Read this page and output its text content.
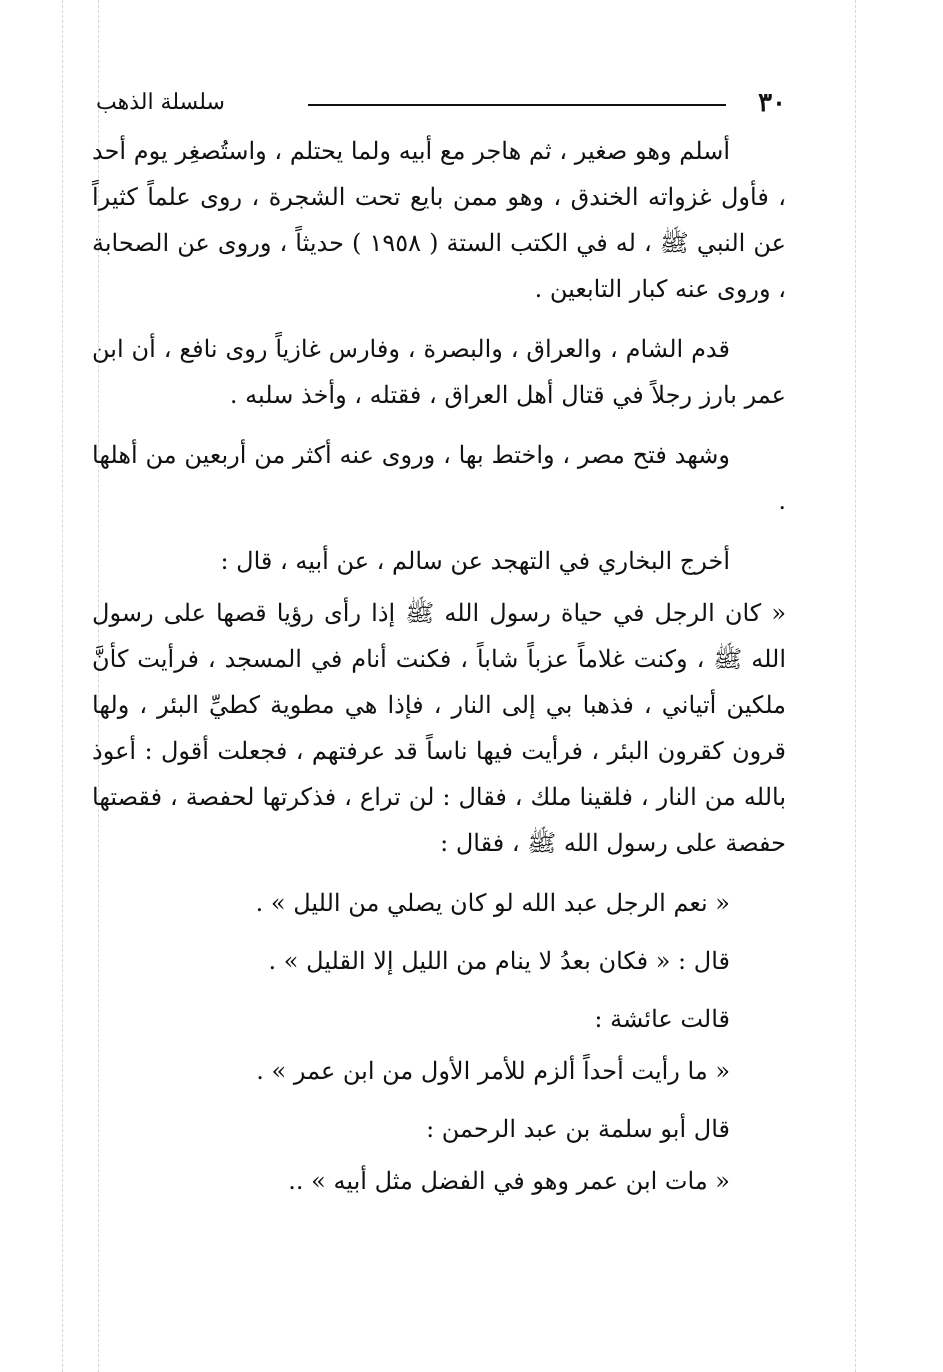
٣٠
سلسلة الذهب

أسلم وهو صغير ، ثم هاجر مع أبيه ولما يحتلم ، واستُصغِر يوم أحد ، فأول غزواته الخندق ، وهو ممن بايع تحت الشجرة ، روى علماً كثيراً عن النبي ﷺ ، له في الكتب الستة ( ١٩٥٨ ) حديثاً ، وروى عن الصحابة ، وروى عنه كبار التابعين .

قدم الشام ، والعراق ، والبصرة ، وفارس غازياً روى نافع ، أن ابن عمر بارز رجلاً في قتال أهل العراق ، فقتله ، وأخذ سلبه .

وشهد فتح مصر ، واختط بها ، وروى عنه أكثر من أربعين من أهلها .

أخرج البخاري في التهجد عن سالم ، عن أبيه ، قال :

« كان الرجل في حياة رسول الله ﷺ إذا رأى رؤيا قصها على رسول الله ﷺ ، وكنت غلاماً عزباً شاباً ، فكنت أنام في المسجد ، فرأيت كأنَّ ملكين أتياني ، فذهبا بي إلى النار ، فإذا هي مطوية كطيِّ البئر ، ولها قرون كقرون البئر ، فرأيت فيها ناساً قد عرفتهم ، فجعلت أقول : أعوذ بالله من النار ، فلقينا ملك ، فقال : لن تراع ، فذكرتها لحفصة ، فقصتها حفصة على رسول الله ﷺ ، فقال :

« نعم الرجل عبد الله لو كان يصلي من الليل » .

قال : « فكان بعدُ لا ينام من الليل إلا القليل » .

قالت عائشة :

« ما رأيت أحداً ألزم للأمر الأول من ابن عمر » .

قال أبو سلمة بن عبد الرحمن :

« مات ابن عمر وهو في الفضل مثل أبيه » ..
